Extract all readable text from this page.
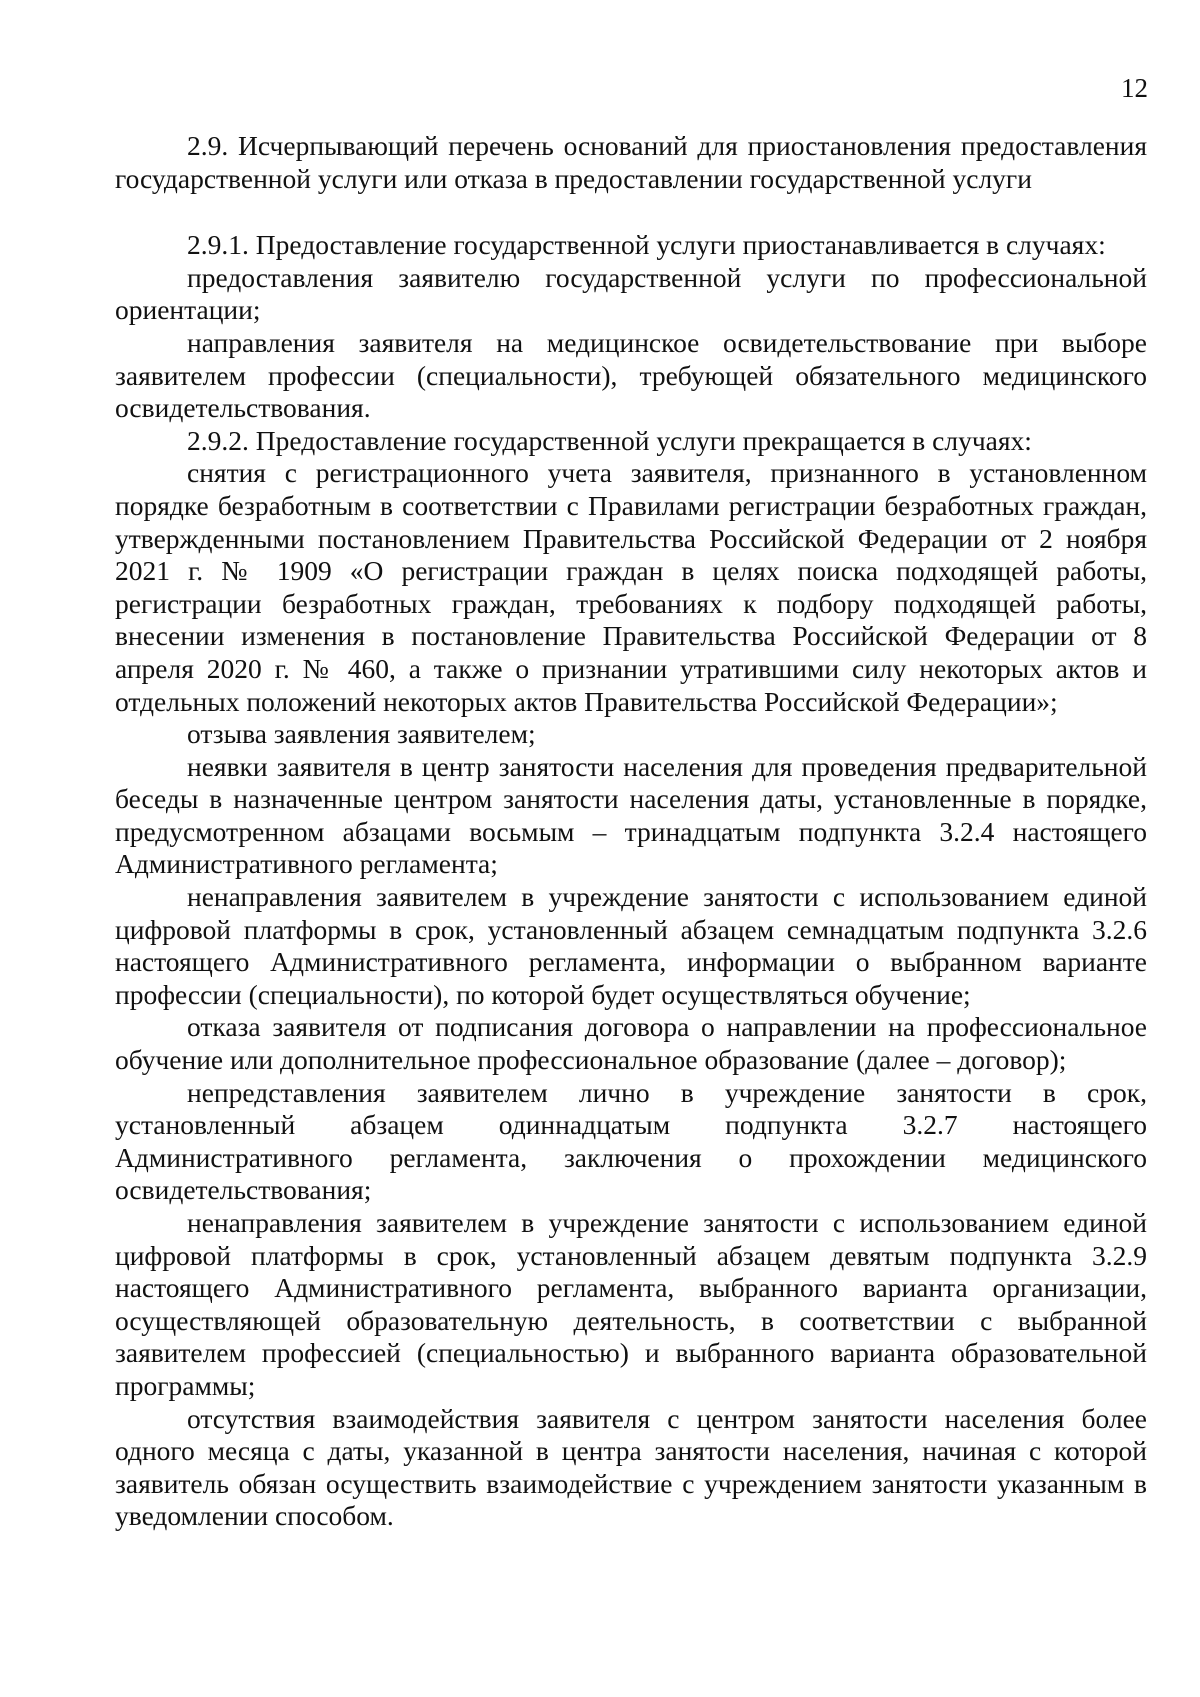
12

2.9. Исчерпывающий перечень оснований для приостановления предоставления государственной услуги или отказа в предоставлении государственной услуги

2.9.1. Предоставление государственной услуги приостанавливается в случаях:

предоставления заявителю государственной услуги по профессиональной ориентации;

направления заявителя на медицинское освидетельствование при выборе заявителем профессии (специальности), требующей обязательного медицинского освидетельствования.

2.9.2. Предоставление государственной услуги прекращается в случаях:

снятия с регистрационного учета заявителя, признанного в установленном порядке безработным в соответствии с Правилами регистрации безработных граждан, утвержденными постановлением Правительства Российской Федерации от 2 ноября 2021 г. № 1909 «О регистрации граждан в целях поиска подходящей работы, регистрации безработных граждан, требованиях к подбору подходящей работы, внесении изменения в постановление Правительства Российской Федерации от 8 апреля 2020 г. № 460, а также о признании утратившими силу некоторых актов и отдельных положений некоторых актов Правительства Российской Федерации»;

отзыва заявления заявителем;

неявки заявителя в центр занятости населения для проведения предварительной беседы в назначенные центром занятости населения даты, установленные в порядке, предусмотренном абзацами восьмым – тринадцатым подпункта 3.2.4 настоящего Административного регламента;

ненаправления заявителем в учреждение занятости с использованием единой цифровой платформы в срок, установленный абзацем семнадцатым подпункта 3.2.6 настоящего Административного регламента, информации о выбранном варианте профессии (специальности), по которой будет осуществляться обучение;

отказа заявителя от подписания договора о направлении на профессиональное обучение или дополнительное профессиональное образование (далее – договор);

непредставления заявителем лично в учреждение занятости в срок, установленный абзацем одиннадцатым подпункта 3.2.7 настоящего Административного регламента, заключения о прохождении медицинского освидетельствования;

ненаправления заявителем в учреждение занятости с использованием единой цифровой платформы в срок, установленный абзацем девятым подпункта 3.2.9 настоящего Административного регламента, выбранного варианта организации, осуществляющей образовательную деятельность, в соответствии с выбранной заявителем профессией (специальностью) и выбранного варианта образовательной программы;

отсутствия взаимодействия заявителя с центром занятости населения более одного месяца с даты, указанной в центра занятости населения, начиная с которой заявитель обязан осуществить взаимодействие с учреждением занятости указанным в уведомлении способом.
